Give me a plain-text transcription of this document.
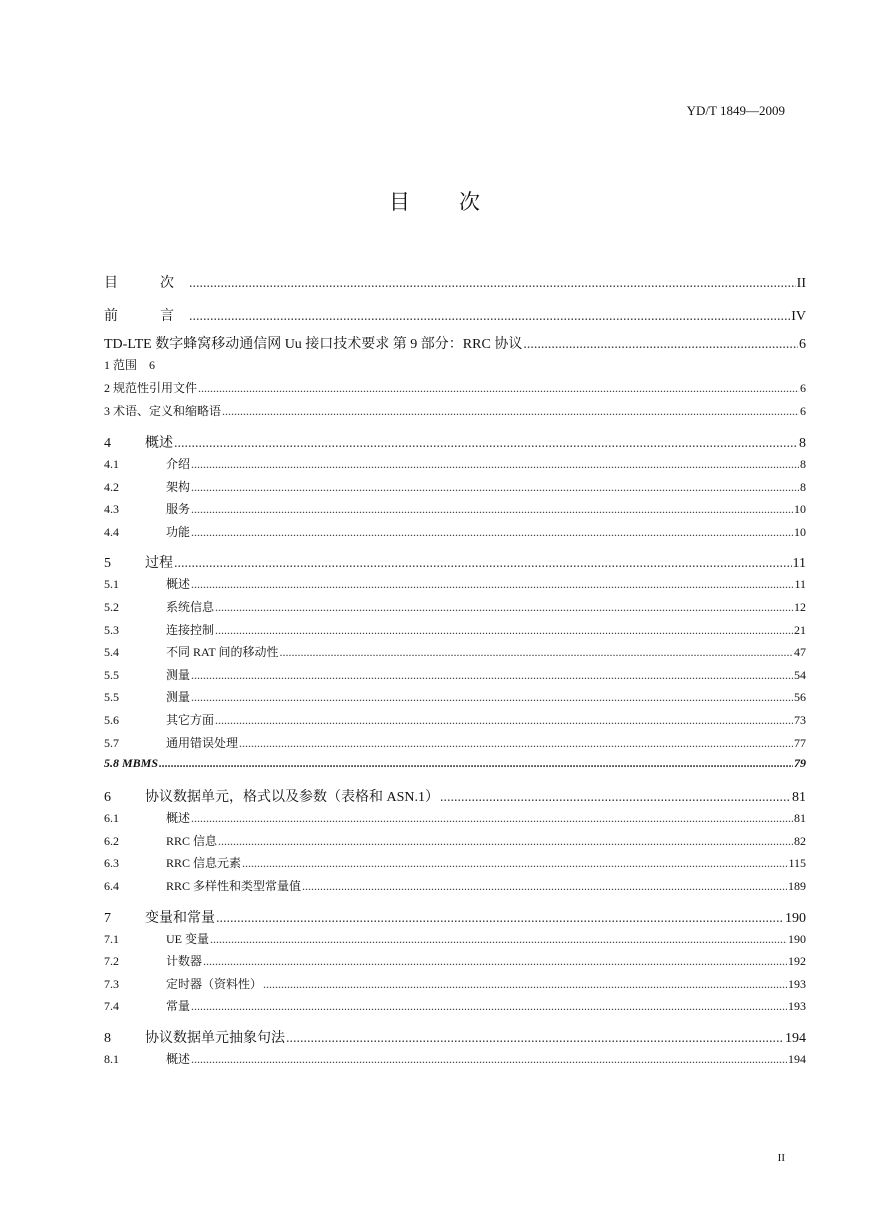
YD/T 1849—2009
目　次
目　次 .....	II
前　言 .....	IV
TD-LTE 数字蜂窝移动通信网 Uu 接口技术要求 第 9 部分：RRC 协议 .....	6
1 范围　6
2 规范性引用文件 .....	6
3 术语、定义和缩略语 .....	6
4	概述 .....	8
4.1	介绍 .....	8
4.2	架构 .....	8
4.3	服务 .....	10
4.4	功能 .....	10
5	过程 .....	11
5.1	概述 .....	11
5.2	系统信息 .....	12
5.3	连接控制 .....	21
5.4	不同 RAT 间的移动性 .....	47
5.5	测量 .....	54
5.5	测量 .....	56
5.6	其它方面 .....	73
5.7	通用错误处理 .....	77
5.8 MBMS .....	79
6	协议数据单元，格式以及参数（表格和 ASN.1） .....	81
6.1	概述 .....	81
6.2	RRC 信息 .....	82
6.3	RRC 信息元素 .....	115
6.4	RRC 多样性和类型常量值 .....	189
7	变量和常量 .....	190
7.1	UE 变量 .....	190
7.2	计数器 .....	192
7.3	定时器（资料性） .....	193
7.4	常量 .....	193
8	协议数据单元抽象句法 .....	194
8.1	概述 .....	194
II
